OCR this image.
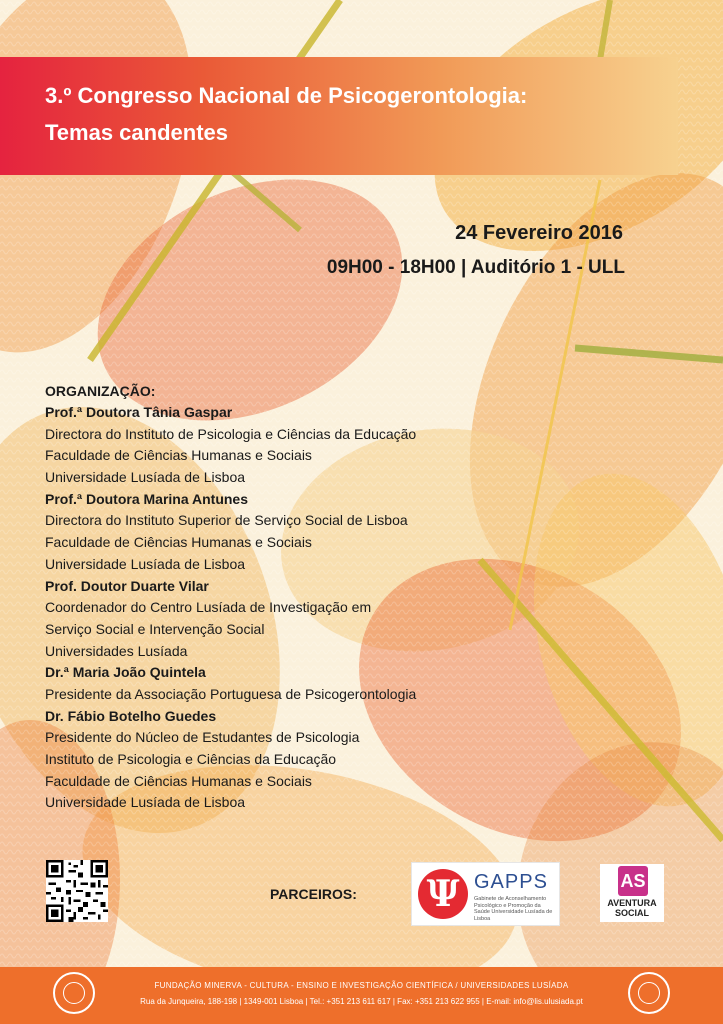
3.º Congresso Nacional de Psicogerontologia:
Temas candentes
24 Fevereiro 2016
09H00 - 18H00 | Auditório 1 - ULL
ORGANIZAÇÃO:
Prof.ª Doutora Tânia Gaspar
Directora do Instituto de Psicologia e Ciências da Educação
Faculdade de Ciências Humanas e Sociais
Universidade Lusíada de Lisboa
Prof.ª Doutora Marina Antunes
Directora do Instituto Superior de Serviço Social de Lisboa
Faculdade de Ciências Humanas e Sociais
Universidade Lusíada de Lisboa
Prof. Doutor Duarte Vilar
Coordenador do Centro Lusíada de Investigação em
Serviço Social e Intervenção Social
Universidades Lusíada
Dr.ª Maria João Quintela
Presidente da Associação Portuguesa de Psicogerontologia
Dr. Fábio Botelho Guedes
Presidente do Núcleo de Estudantes de Psicologia
Instituto de Psicologia e Ciências da Educação
Faculdade de Ciências Humanas e Sociais
Universidade Lusíada de Lisboa
PARCEIROS: Ψ GAPPS
Gabinete de Aconselhamento Psicológico e Promoção da Saúde Universidade Lusíada de Lisboa
AS
AVENTURA
SOCIAL
FUNDAÇÃO MINERVA - CULTURA - ENSINO E INVESTIGAÇÃO CIENTÍFICA / UNIVERSIDADES LUSÍADA
Rua da Junqueira, 188-198 | 1349-001 Lisboa | Tel.: +351 213 611 617 | Fax: +351 213 622 955 | E-mail: info@lis.ulusiada.pt
